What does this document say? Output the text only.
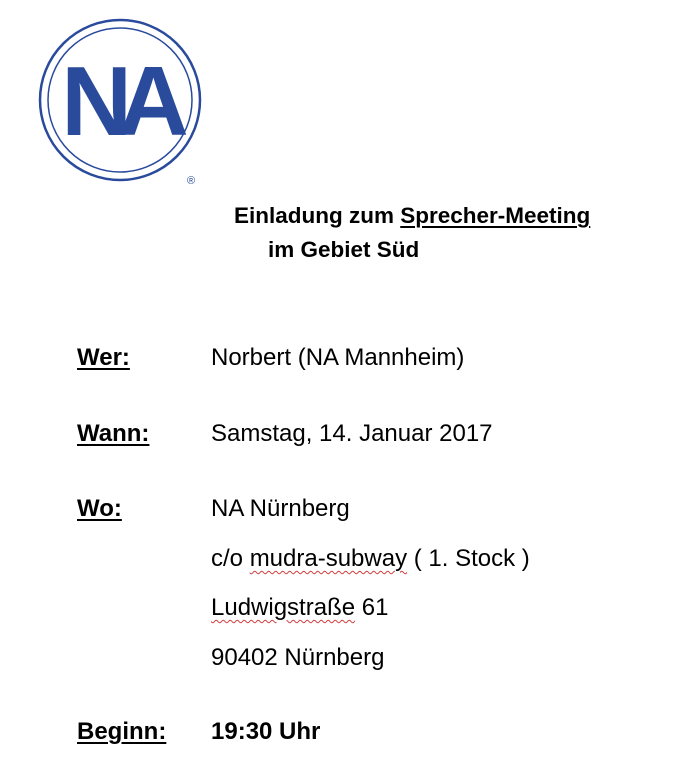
NA
®
Einladung zum Sprecher-Meeting
im Gebiet Süd
Wer:	Norbert (NA Mannheim)
Wann:	Samstag, 14. Januar 2017
Wo:	NA Nürnberg
c/o mudra-subway ( 1. Stock )
Ludwigstraße 61
90402 Nürnberg
Beginn: 19:30 Uhr
